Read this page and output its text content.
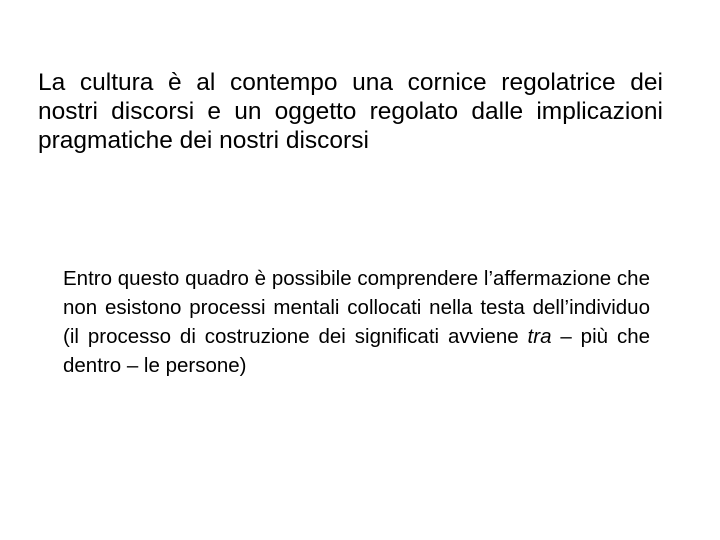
La cultura è al contempo una cornice regolatrice dei nostri discorsi e un oggetto regolato dalle implicazioni pragmatiche dei nostri discorsi
Entro questo quadro è possibile comprendere l’affermazione che non esistono processi mentali collocati nella testa dell’individuo (il processo di costruzione dei significati avviene tra – più che dentro – le persone)
